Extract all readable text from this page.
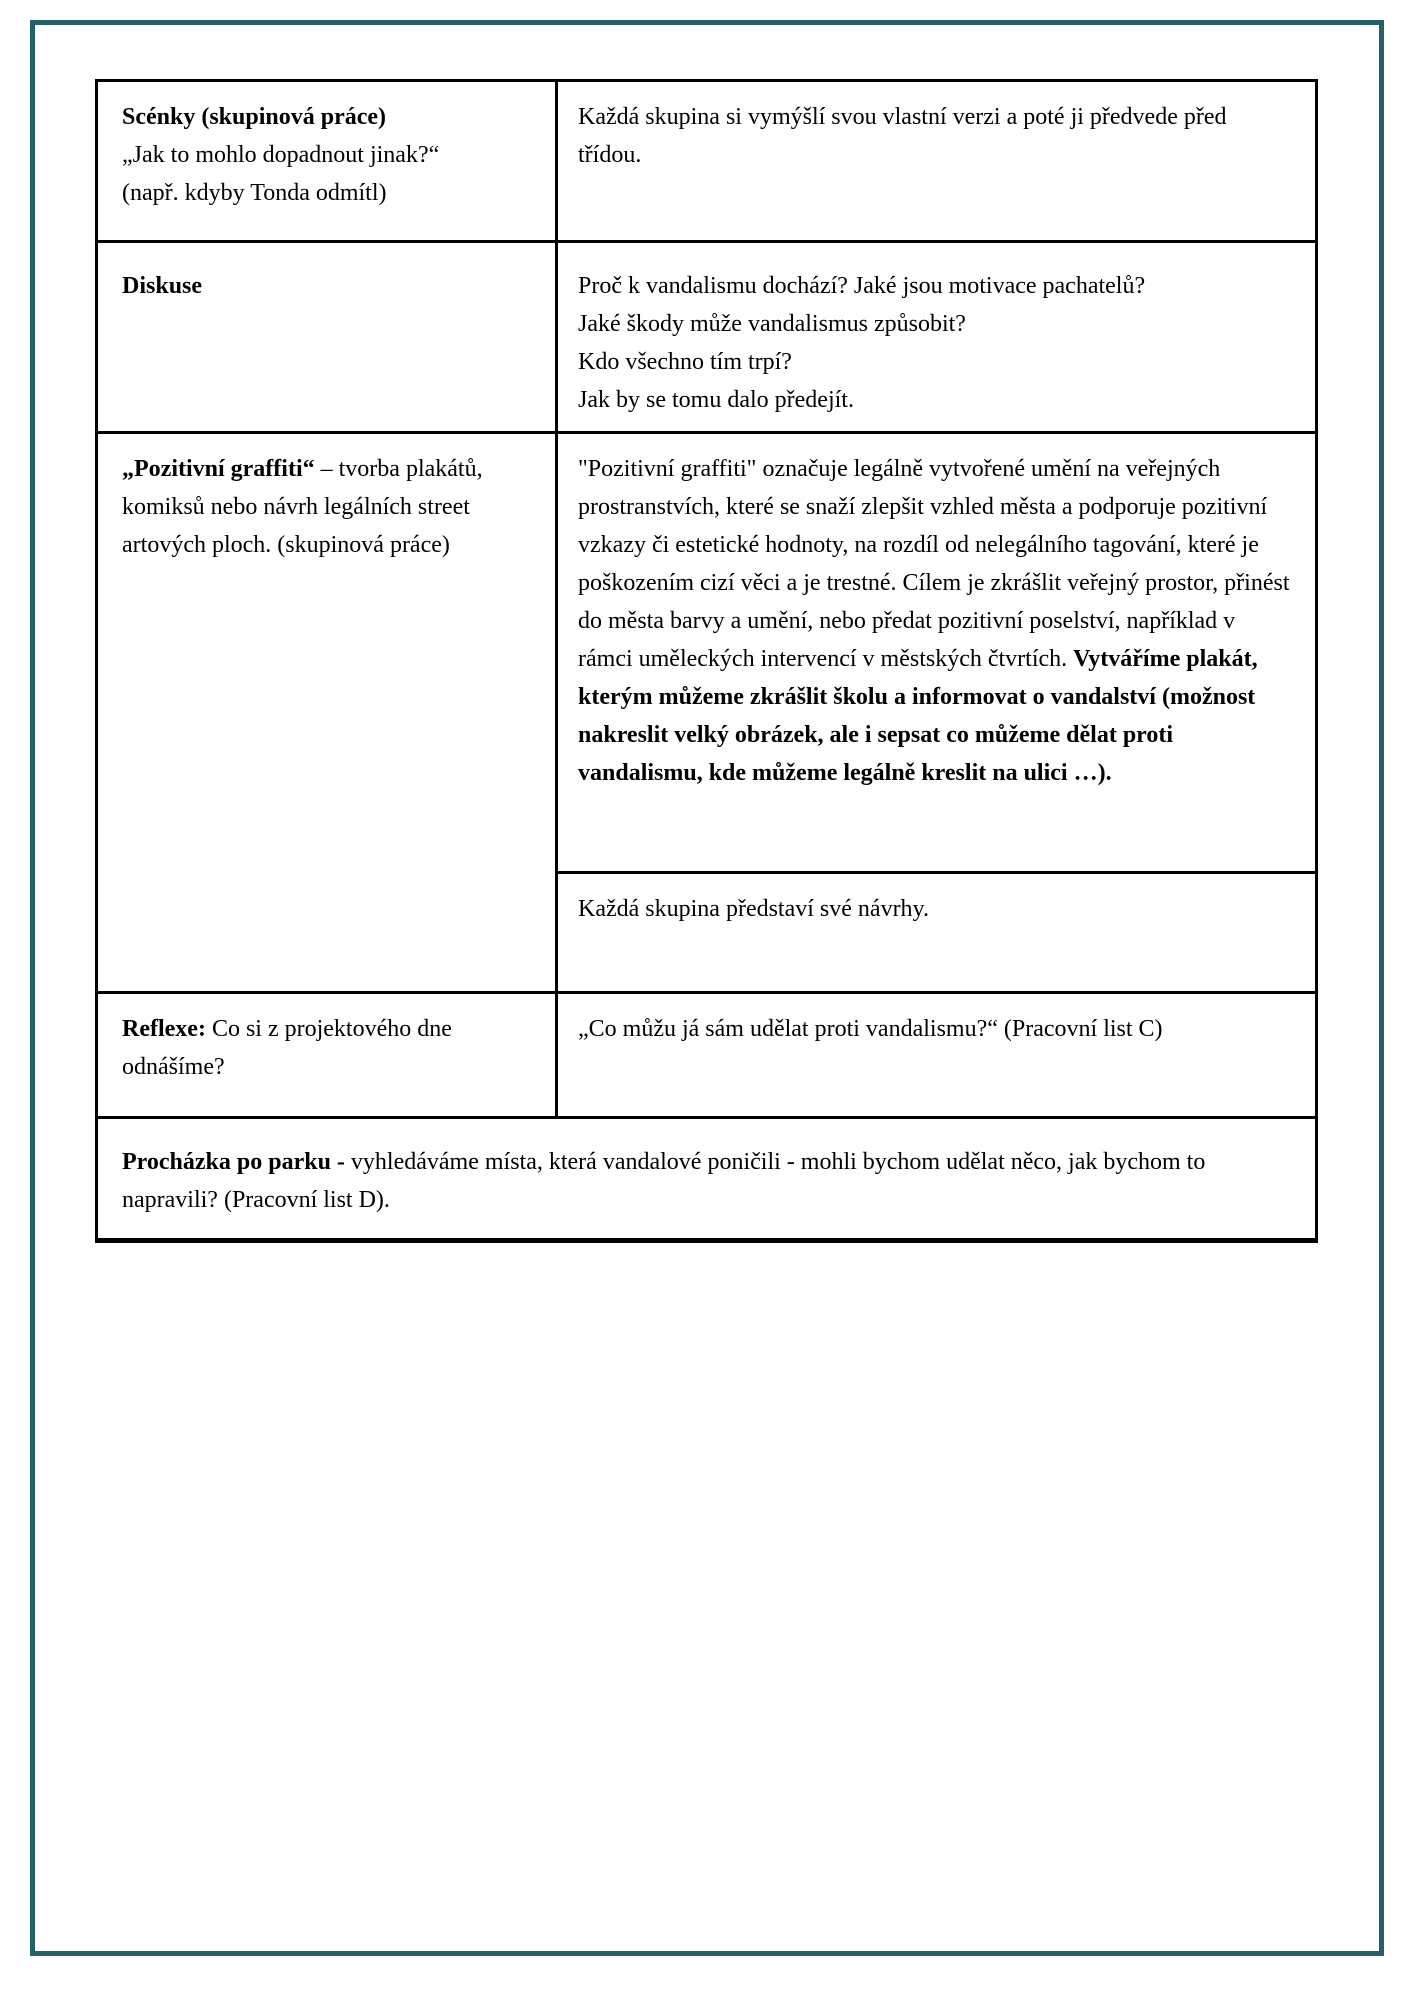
Scénky (skupinová práce)
„Jak to mohlo dopadnout jinak?“
(např. kdyby Tonda odmítl)
Každá skupina si vymýšlí svou vlastní verzi a poté ji předvede před třídou.
Diskuse	Proč k vandalismu dochází? Jaké jsou motivace pachatelů?
Jaké škody může vandalismus způsobit?
Kdo všechno tím trpí?
Jak by se tomu dalo předejít.
„Pozitivní graffiti“ – tvorba plakátů, komiksů nebo návrh legálních street artových ploch. (skupinová práce)
"Pozitivní graffiti" označuje legálně vytvořené umění na veřejných prostranstvích, které se snaží zlepšit vzhled města a podporuje pozitivní vzkazy či estetické hodnoty, na rozdíl od nelegálního tagování, které je poškozením cizí věci a je trestné. Cílem je zkrášlit veřejný prostor, přinést do města barvy a umění, nebo předat pozitivní poselství, například v rámci uměleckých intervencí v městských čtvrtích. Vytváříme plakát, kterým můžeme zkrášlit školu a informovat o vandalství (možnost nakreslit velký obrázek, ale i sepsat co můžeme dělat proti vandalismu, kde můžeme legálně kreslit na ulici …).
Každá skupina představí své návrhy.
Reflexe: Co si z projektového dne odnášíme?
„Co můžu já sám udělat proti vandalismu?“ (Pracovní list C)
Procházka po parku - vyhledáváme místa, která vandalové poničili - mohli bychom udělat něco, jak bychom to napravili? (Pracovní list D).
